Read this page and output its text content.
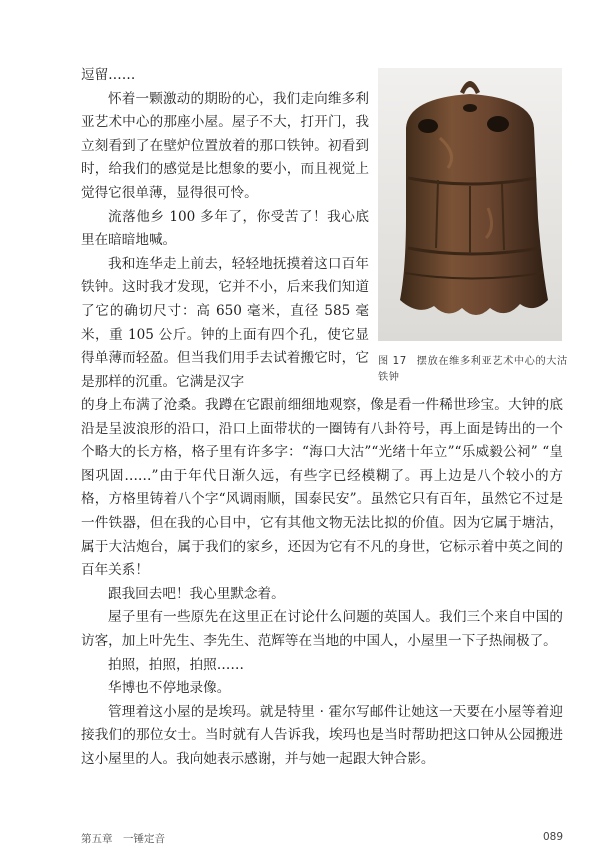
逗留……

怀着一颗激动的期盼的心，我们走向维多利亚艺术中心的那座小屋。屋子不大，打开门，我立刻看到了在壁炉位置放着的那口铁钟。初看到时，给我们的感觉是比想象的要小，而且视觉上觉得它很单薄，显得很可怜。

流落他乡 100 多年了，你受苦了！我心底里在暗暗地喊。

我和连华走上前去，轻轻地抚摸着这口百年铁钟。这时我才发现，它并不小，后来我们知道了它的确切尺寸：高 650 毫米，直径 585 毫米，重 105 公斤。钟的上面有四个孔，使它显得单薄而轻盈。但当我们用手去试着搬它时，它是那样的沉重。它满是汉字

图 17 摆放在维多利亚艺术中心的大沽铁钟

的身上布满了沧桑。我蹲在它跟前细细地观察，像是看一件稀世珍宝。大钟的底沿是呈波浪形的沿口，沿口上面带状的一圈铸有八卦符号，再上面是铸出的一个个略大的长方格，格子里有许多字：“海口大沽”“光绪十年立”“乐威毅公祠” “皇图巩固……”由于年代日渐久远，有些字已经模糊了。再上边是八个较小的方格，方格里铸着八个字“风调雨顺，国泰民安”。虽然它只有百年，虽然它不过是一件铁器，但在我的心目中，它有其他文物无法比拟的价值。因为它属于塘沽，属于大沽炮台，属于我们的家乡，还因为它有不凡的身世，它标示着中英之间的百年关系！

跟我回去吧！我心里默念着。

屋子里有一些原先在这里正在讨论什么问题的英国人。我们三个来自中国的访客，加上叶先生、李先生、范辉等在当地的中国人，小屋里一下子热闹极了。

拍照，拍照，拍照……

华博也不停地录像。

管理着这小屋的是埃玛。就是特里 · 霍尔写邮件让她这一天要在小屋等着迎接我们的那位女士。当时就有人告诉我，埃玛也是当时帮助把这口钟从公园搬进这小屋里的人。我向她表示感谢，并与她一起跟大钟合影。

第五章　一锤定音	089
